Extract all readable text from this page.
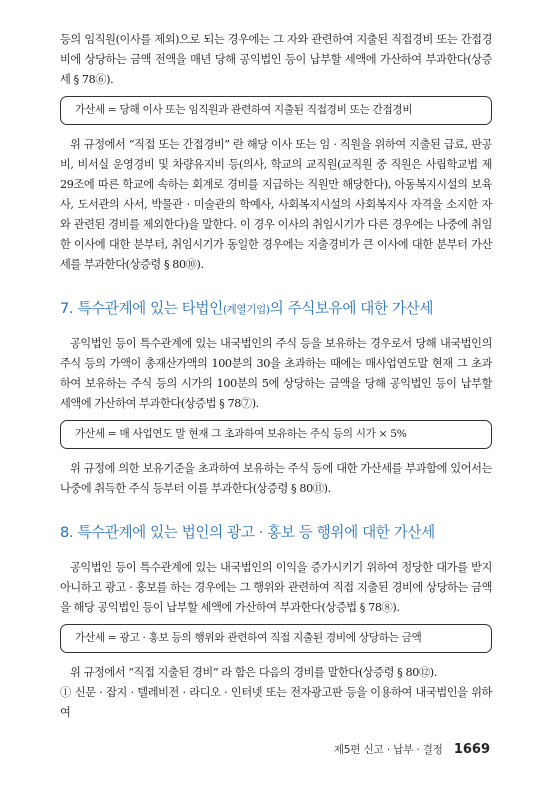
등의 임직원(이사를 제외)으로 되는 경우에는 그 자와 관련하여 지출된 직접경비 또는 간접경비에 상당하는 금액 전액을 매년 당해 공익법인 등이 납부할 세액에 가산하여 부과한다(상증세 § 78⑥).

가산세 = 당해 이사 또는 임직원과 관련하여 지출된 직접경비 또는 간접경비

위 규정에서 “직접 또는 간접경비” 란 해당 이사 또는 임 · 직원을 위하여 지출된 급료, 판공비, 비서실 운영경비 및 차량유지비 등(의사, 학교의 교직원(교직원 중 직원은 사립학교법 제29조에 따른 학교에 속하는 회계로 경비를 지급하는 직원만 해당한다), 아동복지시설의 보육사, 도서관의 사서, 박물관 · 미술관의 학예사, 사회복지시설의 사회복지사 자격을 소지한 자와 관련된 경비를 제외한다)을 말한다. 이 경우 이사의 취임시기가 다른 경우에는 나중에 취임한 이사에 대한 분부터, 취임시기가 동일한 경우에는 지출경비가 큰 이사에 대한 분부터 가산세를 부과한다(상증령 § 80⑩).

7. 특수관계에 있는 타법인(계열기업)의 주식보유에 대한 가산세

공익법인 등이 특수관계에 있는 내국법인의 주식 등을 보유하는 경우로서 당해 내국법인의 주식 등의 가액이 총재산가액의 100분의 30을 초과하는 때에는 매사업연도말 현재 그 초과하여 보유하는 주식 등의 시가의 100분의 5에 상당하는 금액을 당해 공익법인 등이 납부할 세액에 가산하여 부과한다(상증법 § 78⑦).

가산세 = 매 사업연도 말 현재 그 초과하여 보유하는 주식 등의 시가 × 5%

위 규정에 의한 보유기준을 초과하여 보유하는 주식 등에 대한 가산세를 부과함에 있어서는 나중에 취득한 주식 등부터 이를 부과한다(상증령 § 80⑪).

8. 특수관계에 있는 법인의 광고 · 홍보 등 행위에 대한 가산세

공익법인 등이 특수관계에 있는 내국법인의 이익을 증가시키기 위하여 정당한 대가를 받지 아니하고 광고 · 홍보를 하는 경우에는 그 행위와 관련하여 직접 지출된 경비에 상당하는 금액을 해당 공익법인 등이 납부할 세액에 가산하여 부과한다(상증법 § 78⑧).

가산세 = 광고 · 홍보 등의 행위와 관련하여 직접 지출된 경비에 상당하는 금액

위 규정에서 “직접 지출된 경비” 라 함은 다음의 경비를 말한다(상증령 § 80⑫).

① 신문 · 잡지 · 텔레비전 · 라디오 · 인터넷 또는 전자광고판 등을 이용하여 내국법인을 위하여

제5편 신고 · 납부 · 결정 1669
